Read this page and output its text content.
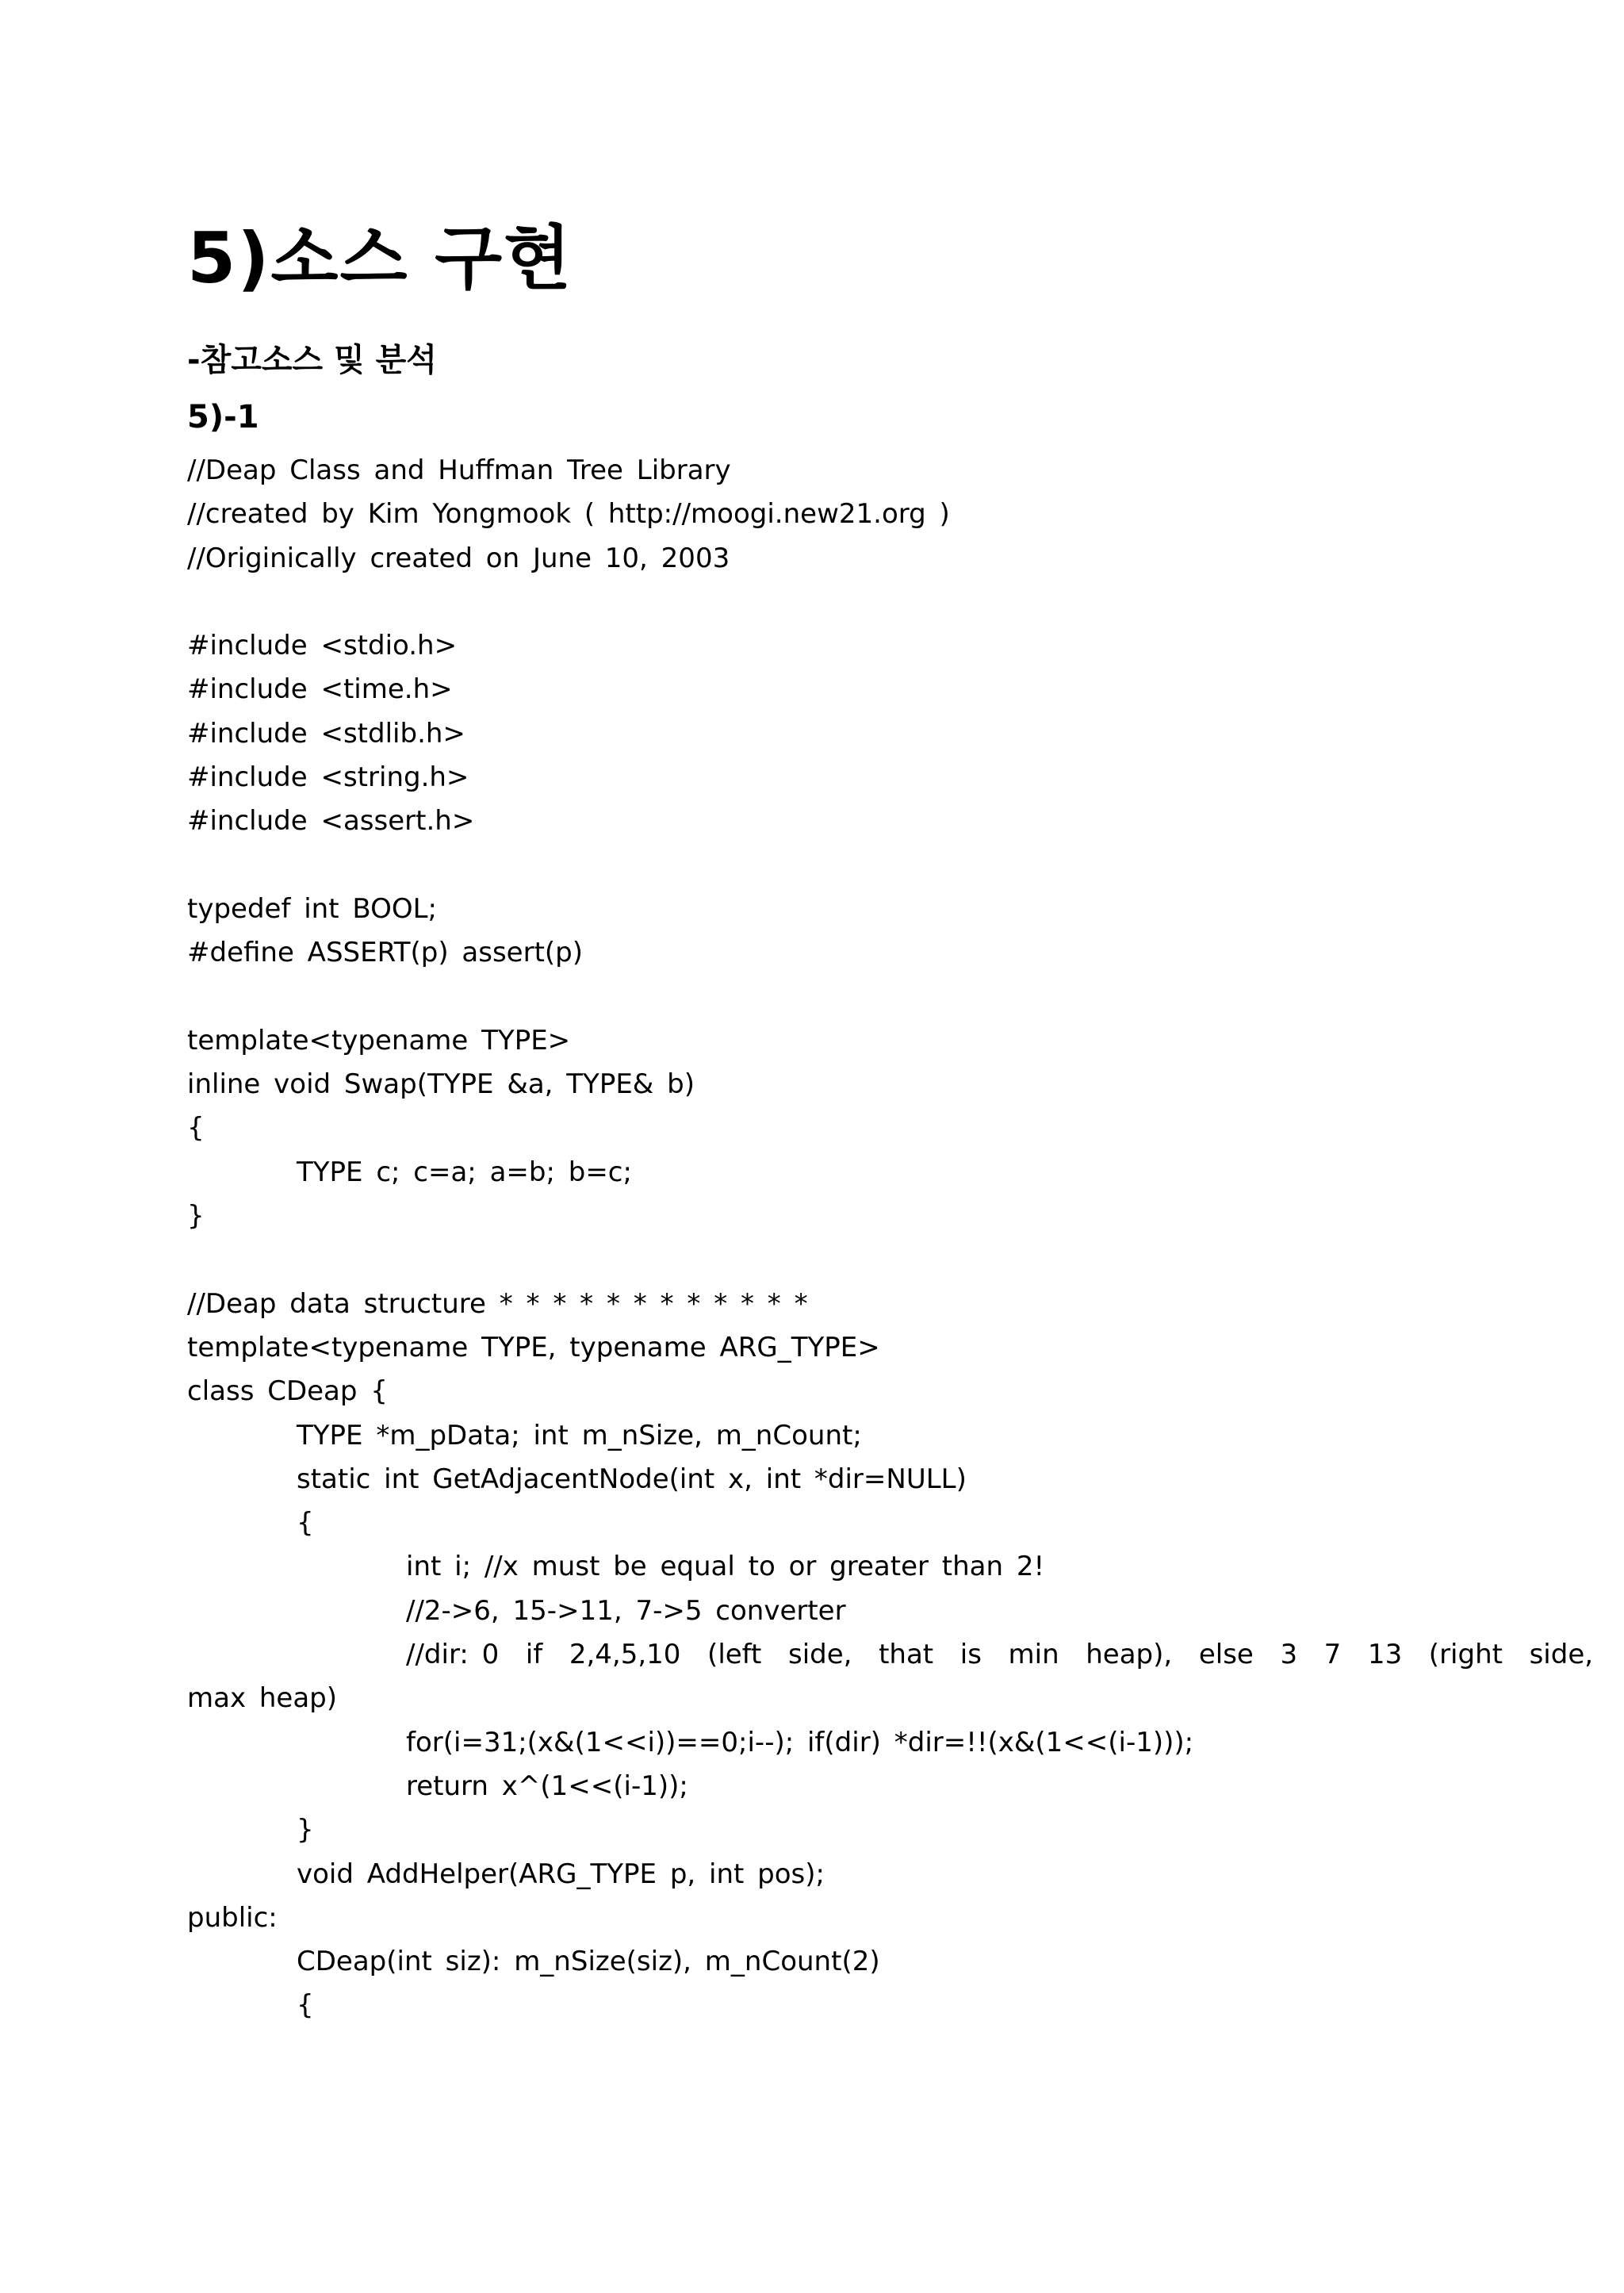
5)소스 구현
-참고소스 및 분석
5)-1
//Deap Class and Huffman Tree Library
//created by Kim Yongmook ( http://moogi.new21.org )
//Originically created on June 10, 2003
#include <stdio.h>
#include <time.h>
#include <stdlib.h>
#include <string.h>
#include <assert.h>
typedef int BOOL;
#define ASSERT(p) assert(p)
template<typename TYPE>
inline void Swap(TYPE &a, TYPE& b)
{
TYPE c; c=a; a=b; b=c;
}
//Deap data structure * * * * * * * * * * * *
template<typename TYPE, typename ARG_TYPE>
class CDeap {
TYPE *m_pData; int m_nSize, m_nCount;
static int GetAdjacentNode(int x, int *dir=NULL)
{
int i; //x must be equal to or greater than 2!
//2->6, 15->11, 7->5 converter
//dir: 0  if  2,4,5,10  (left  side,  that  is  min  heap),  else  3  7  13  (right  side,
max heap)
for(i=31;(x&(1<<i))==0;i--); if(dir) *dir=!!(x&(1<<(i-1)));
return x^(1<<(i-1));
}
void AddHelper(ARG_TYPE p, int pos);
public:
CDeap(int siz): m_nSize(siz), m_nCount(2)
{
